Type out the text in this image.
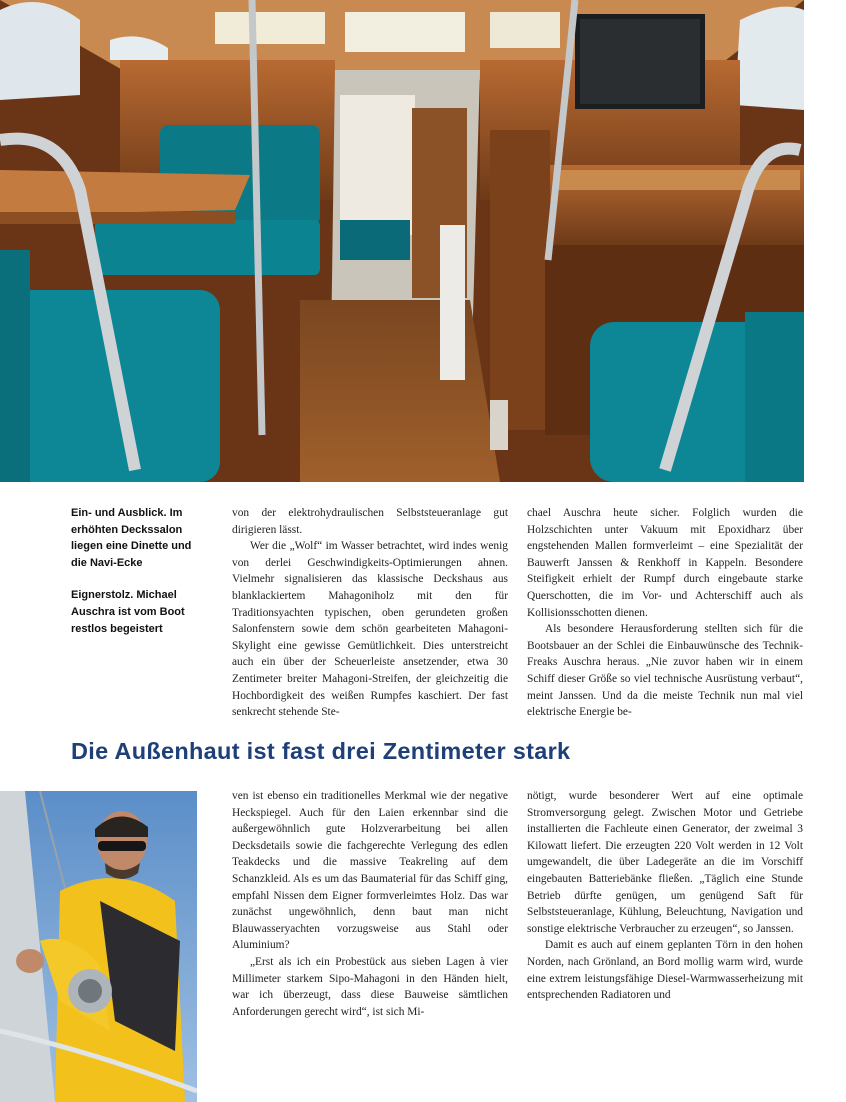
Ein- und Ausblick. Im erhöhten Deckssalon liegen eine Dinette und die Navi-Ecke

Eignerstolz. Michael Auschra ist vom Boot restlos begeistert

von der elektrohydraulischen Selbststeueranlage gut dirigieren lässt.

Wer die „Wolf“ im Wasser betrachtet, wird indes wenig von derlei Geschwindigkeits-Optimierungen ahnen. Vielmehr signalisieren das klassische Deckshaus aus blanklackiertem Mahagoniholz mit den für Traditionsyachten typischen, oben gerundeten großen Salonfenstern sowie dem schön gearbeiteten Mahagoni-Skylight eine gewisse Gemütlichkeit. Dies unterstreicht auch ein über der Scheuerleiste ansetzender, etwa 30 Zentimeter breiter Mahagoni-Streifen, der gleichzeitig die Hochbordigkeit des weißen Rumpfes kaschiert. Der fast senkrecht stehende Ste-

chael Auschra heute sicher. Folglich wurden die Holzschichten unter Vakuum mit Epoxidharz über engstehenden Mallen formverleimt – eine Spezialität der Bauwerft Janssen & Renkhoff in Kappeln. Besondere Steifigkeit erhielt der Rumpf durch eingebaute starke Querschotten, die im Vor- und Achterschiff auch als Kollisionsschotten dienen.

Als besondere Herausforderung stellten sich für die Bootsbauer an der Schlei die Einbauwünsche des Technik-Freaks Auschra heraus. „Nie zuvor haben wir in einem Schiff dieser Größe so viel technische Ausrüstung verbaut“, meint Janssen. Und da die meiste Technik nun mal viel elektrische Energie be-

Die Außenhaut ist fast drei Zentimeter stark

ven ist ebenso ein traditionelles Merkmal wie der negative Heckspiegel. Auch für den Laien erkennbar sind die außergewöhnlich gute Holzverarbeitung bei allen Decksdetails sowie die fachgerechte Verlegung des edlen Teakdecks und die massive Teakreling auf dem Schanzkleid. Als es um das Baumaterial für das Schiff ging, empfahl Nissen dem Eigner formverleimtes Holz. Das war zunächst ungewöhnlich, denn baut man nicht Blauwasseryachten vorzugsweise aus Stahl oder Aluminium?

„Erst als ich ein Probestück aus sieben Lagen à vier Millimeter starkem Sipo-Mahagoni in den Händen hielt, war ich überzeugt, dass diese Bauweise sämtlichen Anforderungen gerecht wird“, ist sich Mi-

nötigt, wurde besonderer Wert auf eine optimale Stromversorgung gelegt. Zwischen Motor und Getriebe installierten die Fachleute einen Generator, der zweimal 3 Kilowatt liefert. Die erzeugten 220 Volt werden in 12 Volt umgewandelt, die über Ladegeräte an die im Vorschiff eingebauten Batteriebänke fließen. „Täglich eine Stunde Betrieb dürfte genügen, um genügend Saft für Selbststeueranlage, Kühlung, Beleuchtung, Navigation und sonstige elektrische Verbraucher zu erzeugen“, so Janssen.

Damit es auch auf einem geplanten Törn in den hohen Norden, nach Grönland, an Bord mollig warm wird, wurde eine extrem leistungsfähige Diesel-Warmwasserheizung mit entsprechenden Radiatoren und
